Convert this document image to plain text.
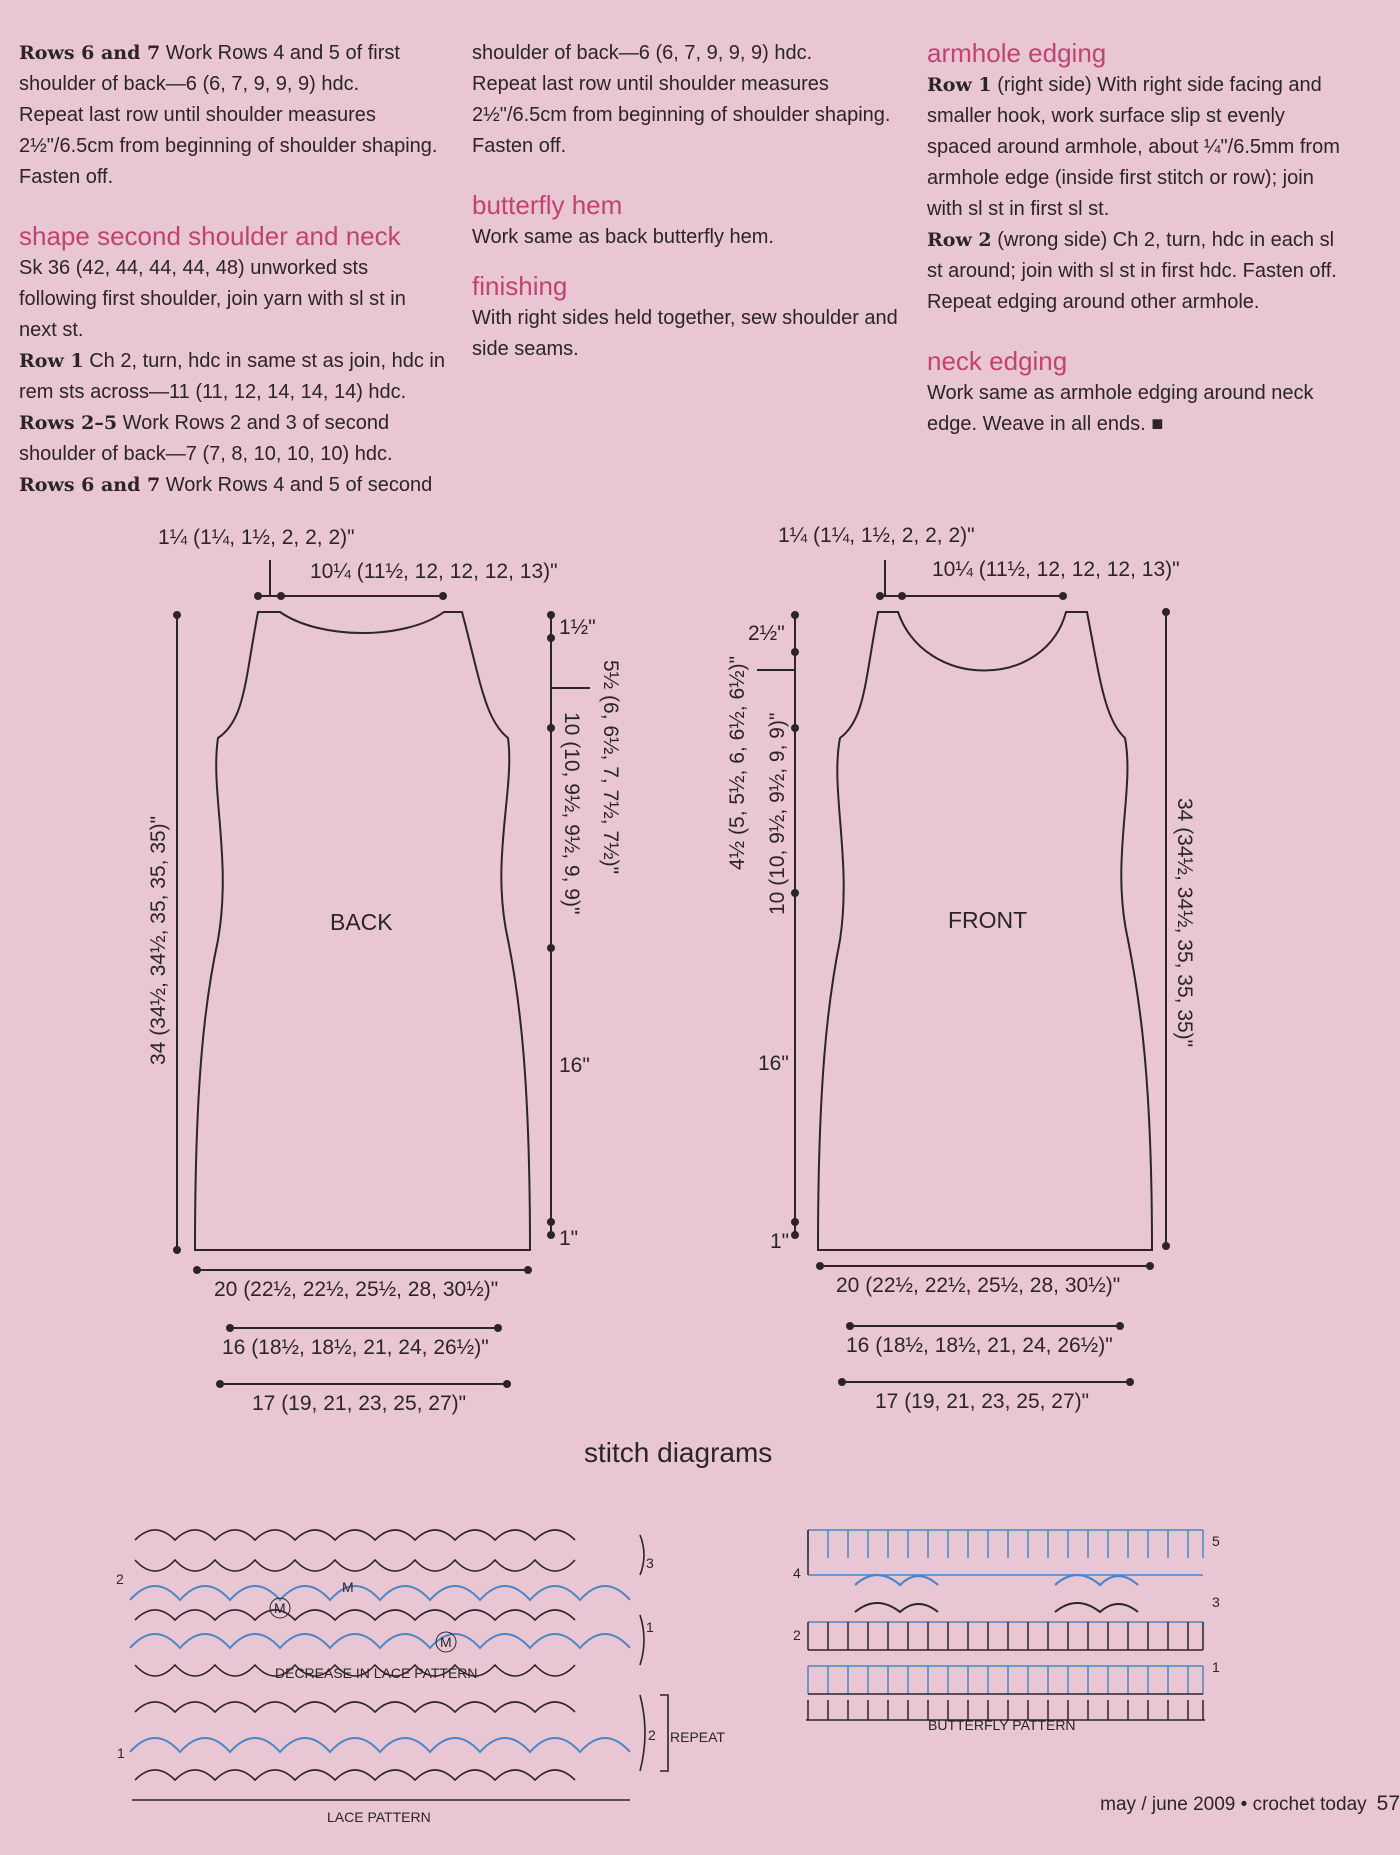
Rows 6 and 7 Work Rows 4 and 5 of first shoulder of back—6 (6, 7, 9, 9, 9) hdc.

Repeat last row until shoulder measures 2½"/6.5cm from beginning of shoulder shaping. Fasten off.

shape second shoulder and neck

Sk 36 (42, 44, 44, 44, 48) unworked sts following first shoulder, join yarn with sl st in next st.

Row 1 Ch 2, turn, hdc in same st as join, hdc in rem sts across—11 (11, 12, 14, 14, 14) hdc.

Rows 2–5 Work Rows 2 and 3 of second shoulder of back—7 (7, 8, 10, 10, 10) hdc.

Rows 6 and 7 Work Rows 4 and 5 of second

shoulder of back—6 (6, 7, 9, 9, 9) hdc.

Repeat last row until shoulder measures 2½"/6.5cm from beginning of shoulder shaping. Fasten off.

butterfly hem

Work same as back butterfly hem.

finishing

With right sides held together, sew shoulder and side seams.

armhole edging

Row 1 (right side) With right side facing and smaller hook, work surface slip st evenly spaced around armhole, about ¼"/6.5mm from armhole edge (inside first stitch or row); join with sl st in first sl st.

Row 2 (wrong side) Ch 2, turn, hdc in each sl st around; join with sl st in first hdc. Fasten off.

Repeat edging around other armhole.

neck edging

Work same as armhole edging around neck edge. Weave in all ends. ■

1¼ (1¼, 1½, 2, 2, 2)"
10¼ (11½, 12, 12, 12, 13)"
1¼ (1¼, 1½, 2, 2, 2)"
10¼ (11½, 12, 12, 12, 13)"
BACK	FRONT
34 (34½, 34½, 35, 35, 35)"	34 (34½, 34½, 35, 35, 35)"
1½"
5½ (6, 6½, 7, 7½, 7½)"
10 (10, 9½, 9½, 9, 9)"
16"
1"
2½"
4½ (5, 5½, 6, 6½, 6½)" 10 (10, 9½, 9½, 9, 9)"
16"
1"
20 (22½, 22½, 25½, 28, 30½)"
16 (18½, 18½, 21, 24, 26½)"
17 (19, 21, 23, 25, 27)"
20 (22½, 22½, 25½, 28, 30½)"
16 (18½, 18½, 21, 24, 26½)"
17 (19, 21, 23, 25, 27)"
stitch diagrams
M
M
M
2
3
1
DECREASE IN LACE PATTERN
1
2 REPEAT
LACE PATTERN
5
4
3
2
1
BUTTERFLY PATTERN
may / june 2009 • crochet today 57
